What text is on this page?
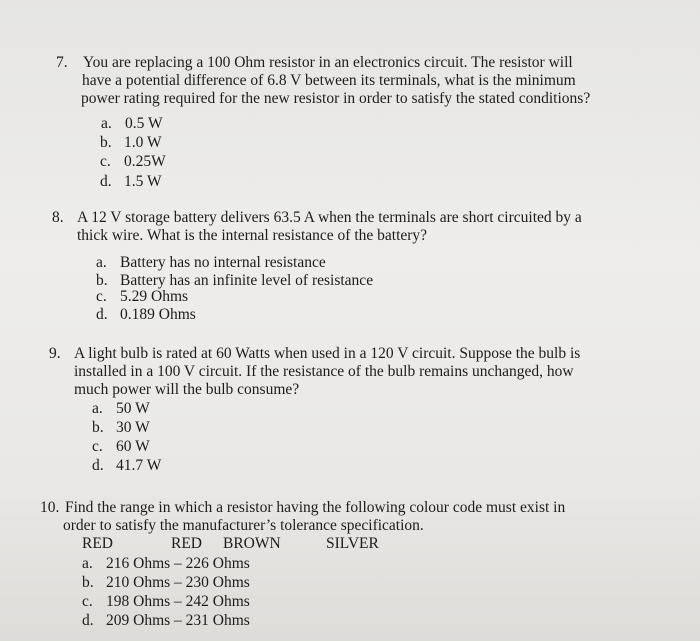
7. You are replacing a 100 Ohm resistor in an electronics circuit. The resistor will
have a potential difference of 6.8 V between its terminals, what is the minimum
power rating required for the new resistor in order to satisfy the stated conditions?
a. 0.5 W
b. 1.0 W
c. 0.25W
d. 1.5 W
8. A 12 V storage battery delivers 63.5 A when the terminals are short circuited by a
thick wire. What is the internal resistance of the battery?
a. Battery has no internal resistance
b. Battery has an infinite level of resistance
c. 5.29 Ohms
d. 0.189 Ohms
9. A light bulb is rated at 60 Watts when used in a 120 V circuit. Suppose the bulb is
installed in a 100 V circuit. If the resistance of the bulb remains unchanged, how
much power will the bulb consume?
a. 50 W
b. 30 W
c. 60 W
d. 41.7 W
10. Find the range in which a resistor having the following colour code must exist in
order to satisfy the manufacturer’s tolerance specification.
RED	RED BROWN	SILVER
a. 216 Ohms – 226 Ohms
b. 210 Ohms – 230 Ohms
c. 198 Ohms – 242 Ohms
d. 209 Ohms – 231 Ohms
